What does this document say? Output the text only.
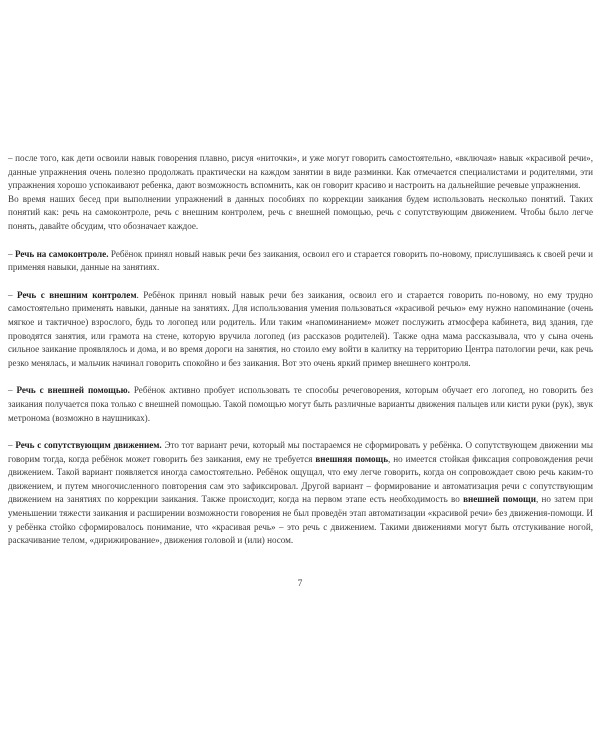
– после того, как дети освоили навык говорения плавно, рисуя «ниточки», и уже могут говорить самостоятельно, «включая» навык «красивой речи», данные упражнения очень полезно продолжать практически на каждом занятии в виде разминки. Как отмечается специалистами и родителями, эти упражнения хорошо успокаивают ребенка, дают возможность вспомнить, как он говорит красиво и настроить на дальнейшие речевые упражнения.

Во время наших бесед при выполнении упражнений в данных пособиях по коррекции заикания будем использовать несколько понятий. Таких понятий как: речь на самоконтроле, речь с внешним контролем, речь с внешней помощью, речь с сопутствующим движением. Чтобы было легче понять, давайте обсудим, что обозначает каждое.

– Речь на самоконтроле. Ребёнок принял новый навык речи без заикания, освоил его и старается говорить по-новому, прислушиваясь к своей речи и применяя навыки, данные на занятиях.

– Речь с внешним контролем. Ребёнок принял новый навык речи без заикания, освоил его и старается говорить по-новому, но ему трудно самостоятельно применять навыки, данные на занятиях. Для использования умения пользоваться «красивой речью» ему нужно напоминание (очень мягкое и тактичное) взрослого, будь то логопед или родитель. Или таким «напоминанием» может послужить атмосфера кабинета, вид здания, где проводятся занятия, или грамота на стене, которую вручила логопед (из рассказов родителей). Также одна мама рассказывала, что у сына очень сильное заикание проявлялось и дома, и во время дороги на занятия, но стоило ему войти в калитку на территорию Центра патологии речи, как речь резко менялась, и мальчик начинал говорить спокойно и без заикания. Вот это очень яркий пример внешнего контроля.

– Речь с внешней помощью. Ребёнок активно пробует использовать те способы речеговорения, которым обучает его логопед, но говорить без заикания получается пока только с внешней помощью. Такой помощью могут быть различные варианты движения пальцев или кисти руки (рук), звук метронома (возможно в наушниках).

– Речь с сопутствующим движением. Это тот вариант речи, который мы постараемся не сформировать у ребёнка. О сопутствующем движении мы говорим тогда, когда ребёнок может говорить без заикания, ему не требуется внешняя помощь, но имеется стойкая фиксация сопровождения речи движением. Такой вариант появляется иногда самостоятельно. Ребёнок ощущал, что ему легче говорить, когда он сопровождает свою речь каким-то движением, и путем многочисленного повторения сам это зафиксировал. Другой вариант – формирование и автоматизация речи с сопутствующим движением на занятиях по коррекции заикания. Также происходит, когда на первом этапе есть необходимость во внешней помощи, но затем при уменьшении тяжести заикания и расширении возможности говорения не был проведён этап автоматизации «красивой речи» без движения-помощи. И у ребёнка стойко сформировалось понимание, что «красивая речь» – это речь с движением. Такими движениями могут быть отстукивание ногой, раскачивание телом, «дирижирование», движения головой и (или) носом.

7
